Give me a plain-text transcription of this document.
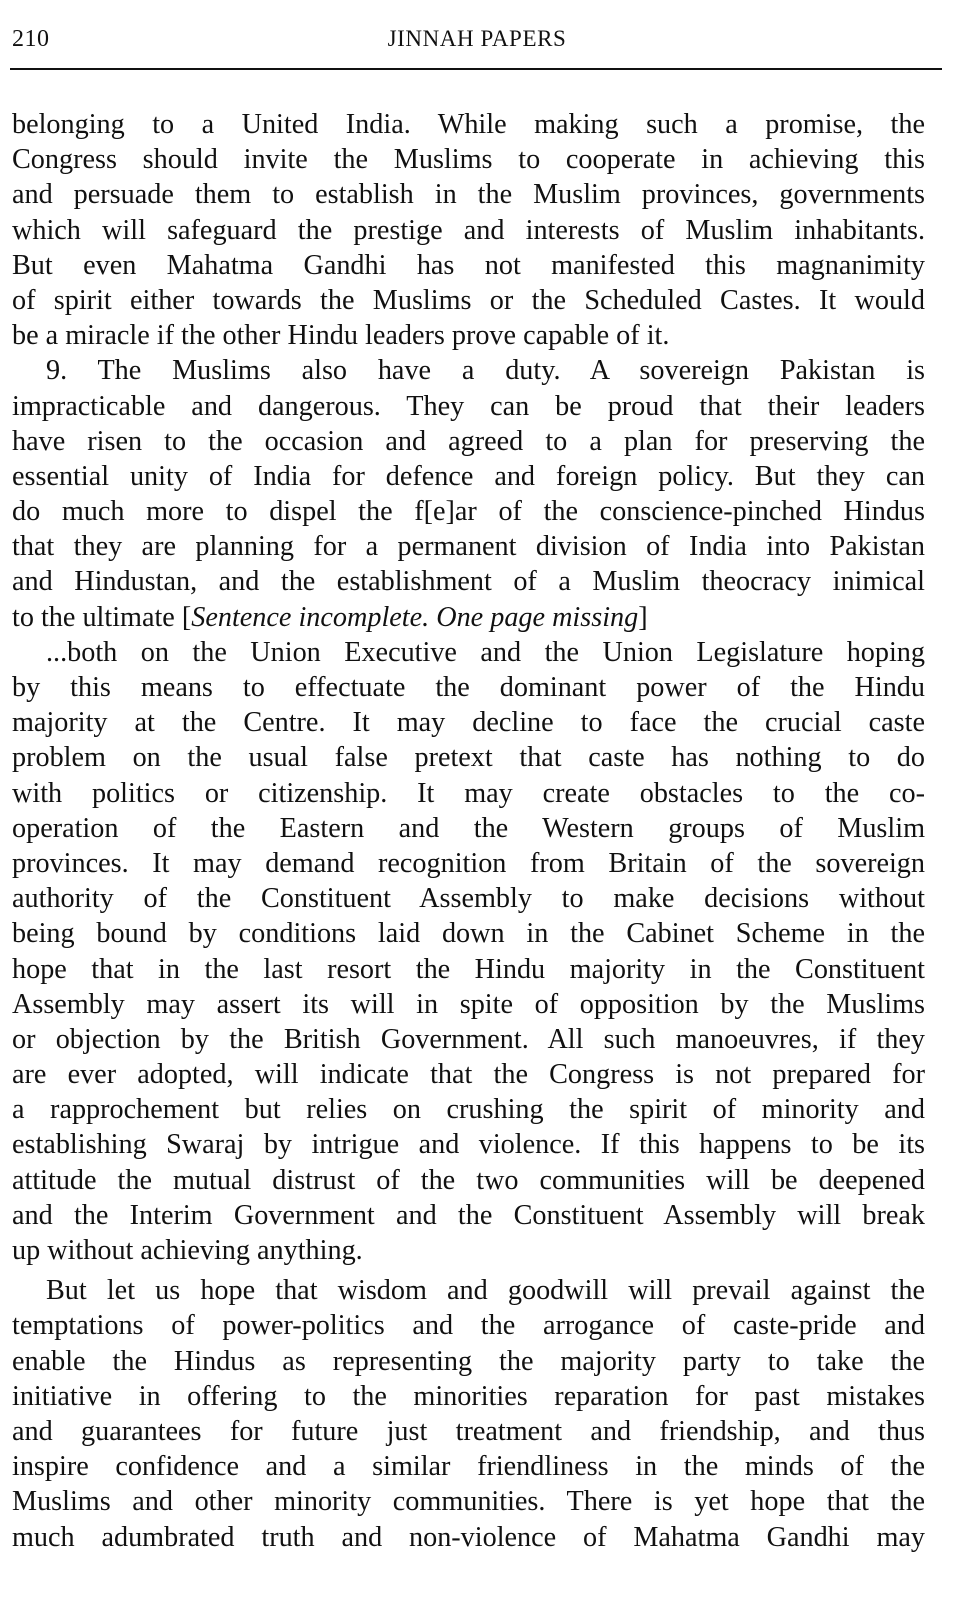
210	JINNAH PAPERS
belonging to a United India. While making such a promise, the
Congress should invite the Muslims to cooperate in achieving this
and persuade them to establish in the Muslim provinces, governments
which will safeguard the prestige and interests of Muslim inhabitants.
But even Mahatma Gandhi has not manifested this magnanimity
of spirit either towards the Muslims or the Scheduled Castes. It would
be a miracle if the other Hindu leaders prove capable of it.
9. The Muslims also have a duty. A sovereign Pakistan is
impracticable and dangerous. They can be proud that their leaders
have risen to the occasion and agreed to a plan for preserving the
essential unity of India for defence and foreign policy. But they can
do much more to dispel the f[e]ar of the conscience-pinched Hindus
that they are planning for a permanent division of India into Pakistan
and Hindustan, and the establishment of a Muslim theocracy inimical
to the ultimate [Sentence incomplete. One page missing]
...both on the Union Executive and the Union Legislature hoping
by this means to effectuate the dominant power of the Hindu
majority at the Centre. It may decline to face the crucial caste
problem on the usual false pretext that caste has nothing to do
with politics or citizenship. It may create obstacles to the co-
operation of the Eastern and the Western groups of Muslim
provinces. It may demand recognition from Britain of the sovereign
authority of the Constituent Assembly to make decisions without
being bound by conditions laid down in the Cabinet Scheme in the
hope that in the last resort the Hindu majority in the Constituent
Assembly may assert its will in spite of opposition by the Muslims
or objection by the British Government. All such manoeuvres, if they
are ever adopted, will indicate that the Congress is not prepared for
a rapprochement but relies on crushing the spirit of minority and
establishing Swaraj by intrigue and violence. If this happens to be its
attitude the mutual distrust of the two communities will be deepened
and the Interim Government and the Constituent Assembly will break
up without achieving anything.
But let us hope that wisdom and goodwill will prevail against the
temptations of power-politics and the arrogance of caste-pride and
enable the Hindus as representing the majority party to take the
initiative in offering to the minorities reparation for past mistakes
and guarantees for future just treatment and friendship, and thus
inspire confidence and a similar friendliness in the minds of the
Muslims and other minority communities. There is yet hope that the
much adumbrated truth and non-violence of Mahatma Gandhi may
